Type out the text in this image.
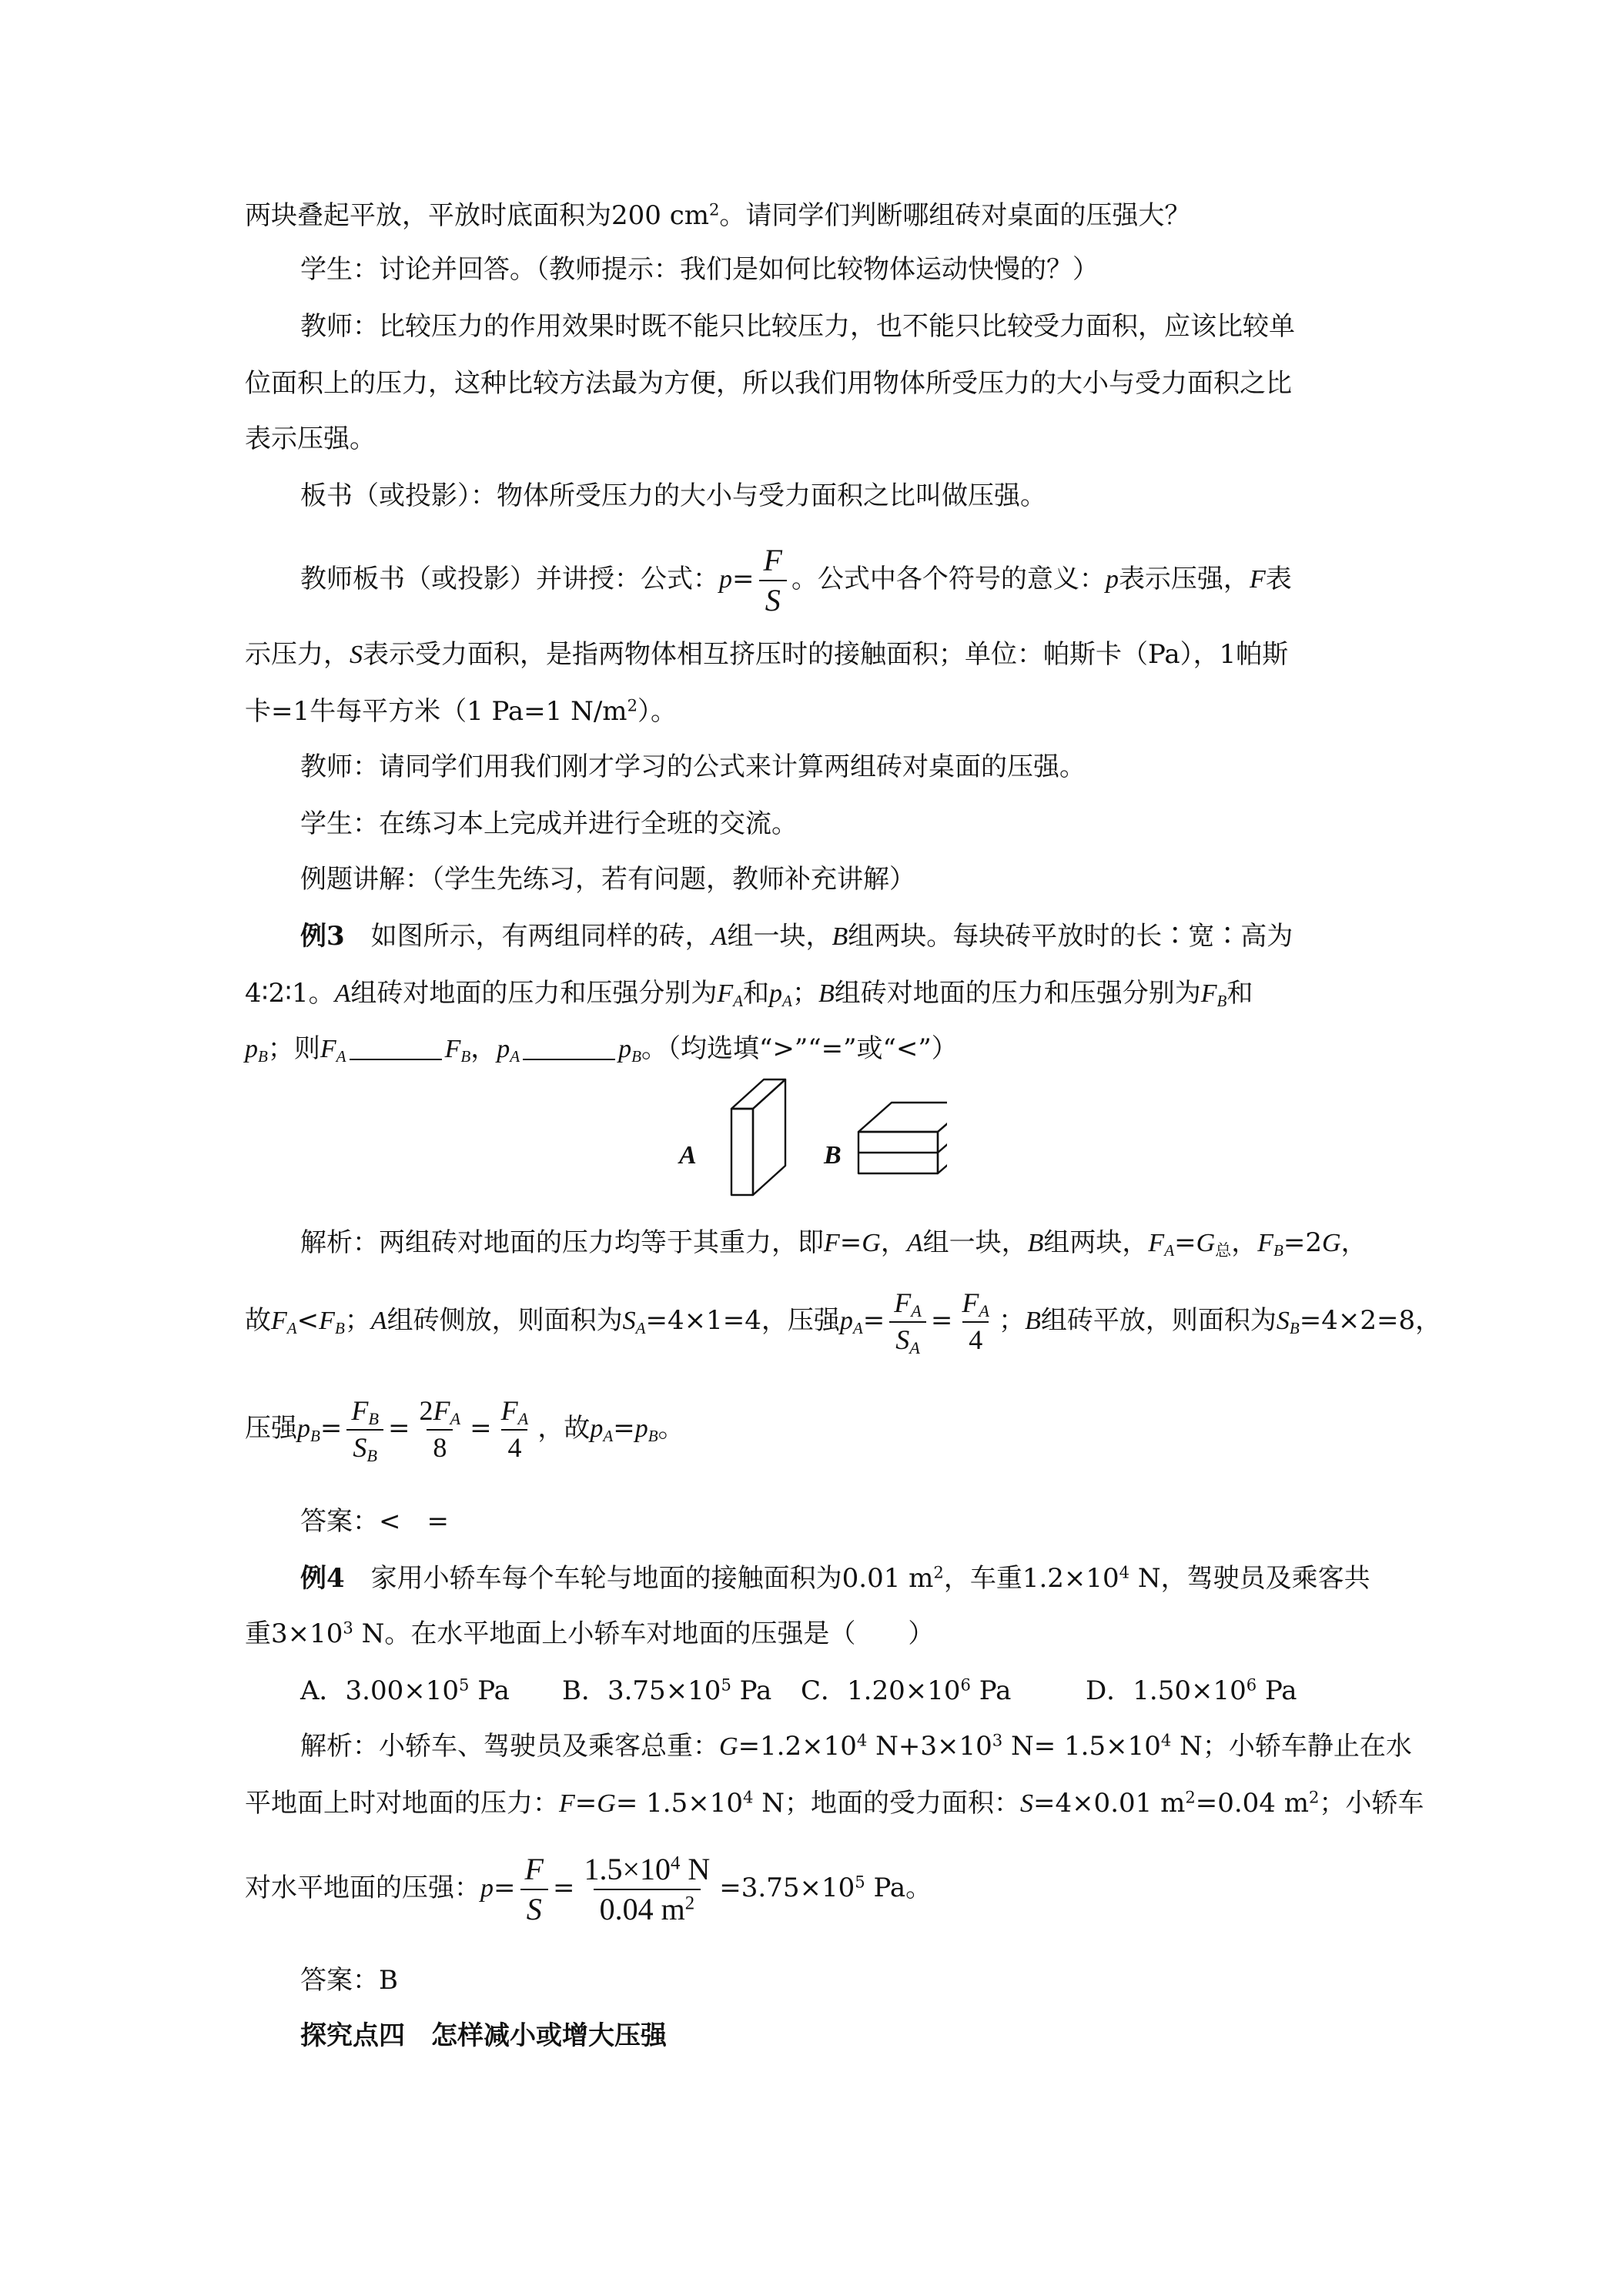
两块叠起平放，平放时底面积为200 $cm^2$。请同学们判断哪组砖对桌面的压强大？
学生：讨论并回答。（教师提示：我们是如何比较物体运动快慢的？）
教师：比较压力的作用效果时既不能只比较压力，也不能只比较受力面积，应该比较单
位面积上的压力，这种比较方法最为方便，所以我们用物体所受压力的大小与受力面积之比
表示压强。
板书（或投影）：物体所受压力的大小与受力面积之比叫做压强。
教师板书（或投影）并讲授：公式：$p= \frac{F}{S}$ 。公式中各个符号的意义：p表示压强，F表
示压力，S表示受力面积，是指两物体相互挤压时的接触面积；单位：帕斯卡（Pa），1帕斯
卡=1牛每平方米（1 Pa=1 $N/m^2$）。
教师：请同学们用我们刚才学习的公式来计算两组砖对桌面的压强。
学生：在练习本上完成并进行全班的交流。
例题讲解：（学生先练习，若有问题，教师补充讲解）
例3　 如图所示，有两组同样的砖，A组一块，B组两块。每块砖平放时的长∶宽∶高为
4∶2∶1。A组砖对地面的压力和压强分别为$F_A$和$p_A$；B组砖对地面的压力和压强分别为$F_B$和
$p_B$；则$F_A$	$F_B$，$p_A$	$p_B$。（均选填“>”“=”或“<”）
A	B
解析：两组砖对地面的压力均等于其重力，即F=G，A组一块，B组两块，$F_A=G_总$，$F_B=2G$，
故$F_A<F_B$；A组砖侧放，则面积为$S_A=4\times 1=4$，压强$p_A= \frac{F_A}{S_A} = \frac{F_A}{4}$ ；B组砖平放，则面积为$S_B=4\times 2=8$，
压强$p_B= \frac{F_B}{S_B} = \frac{2F_A}{8} = \frac{F_A}{4}$ ，故$p_A=p_B$。
答案：<　=
例4　 家用小轿车每个车轮与地面的接触面积为0.01 $m^2$，车重$1.2\times 10^4$ N，驾驶员及乘客共
重$3\times 10^3$ N。在水平地面上小轿车对地面的压强是（　　）
A．$3.00\times 10^5$ Pa B．$3.75\times 10^5$ Pa C．$1.20\times 10^6$ Pa	D．$1.50\times 10^6$ Pa
解析：小轿车、驾驶员及乘客总重：$G=1.2\times 10^4$ $N+3\times 10^3$ $N= 1.5\times 10^4$ N；小轿车静止在水
平地面上时对地面的压力：$F=G= 1.5\times 10^4$ N；地面的受力面积：S=4×0.01 $m^2=0.04$ $m^2$；小轿车
对水平地面的压强：$p= \frac{F}{S} = \frac{1.5\times 10^4 N}{0.04 m^2} =3.75\times 10^5$ Pa。
答案：B
探究点四　怎样减小或增大压强
